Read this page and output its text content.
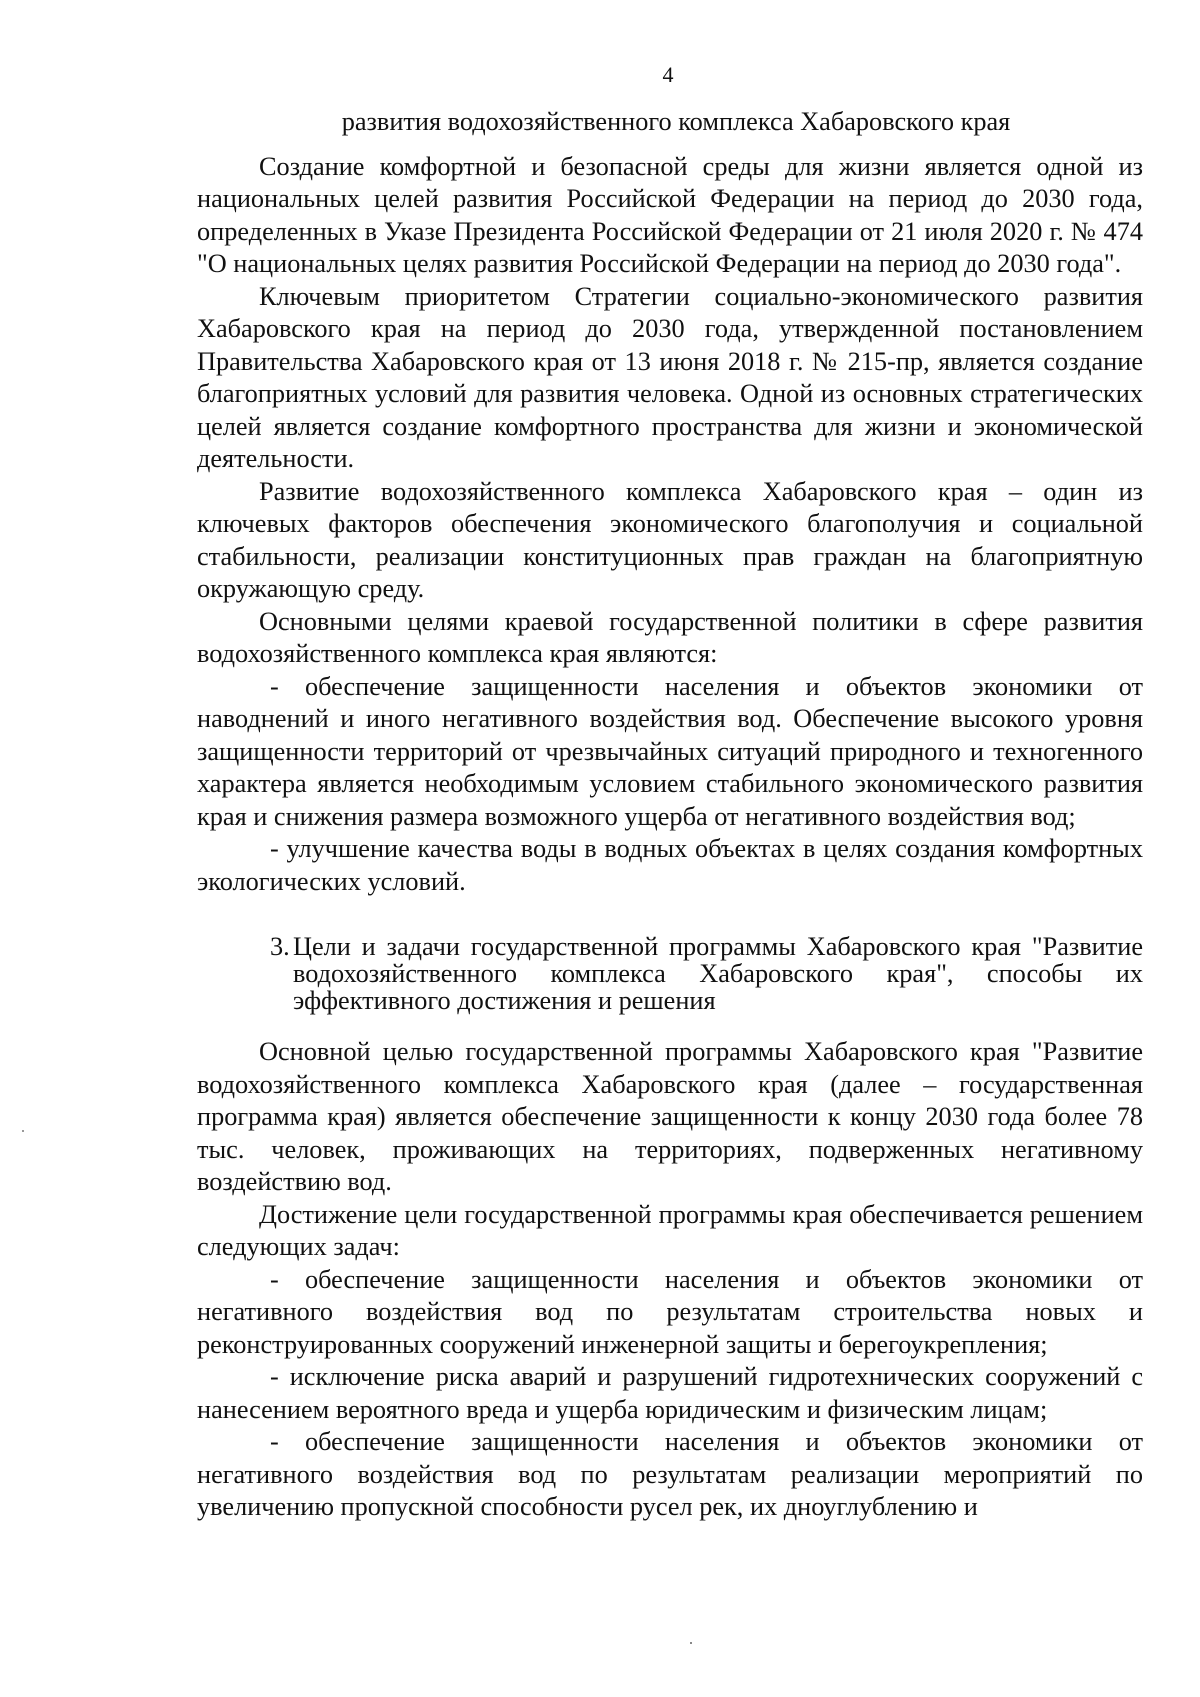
4
развития водохозяйственного комплекса Хабаровского края

Создание комфортной и безопасной среды для жизни является одной из национальных целей развития Российской Федерации на период до 2030 года, определенных в Указе Президента Российской Федерации от 21 июля 2020 г. № 474 "О национальных целях развития Российской Федерации на период до 2030 года".

Ключевым приоритетом Стратегии социально-экономического развития Хабаровского края на период до 2030 года, утвержденной постановлением Правительства Хабаровского края от 13 июня 2018 г. № 215-пр, является создание благоприятных условий для развития человека. Одной из основных стратегических целей является создание комфортного пространства для жизни и экономической деятельности.

Развитие водохозяйственного комплекса Хабаровского края – один из ключевых факторов обеспечения экономического благополучия и социальной стабильности, реализации конституционных прав граждан на благоприятную окружающую среду.

Основными целями краевой государственной политики в сфере развития водохозяйственного комплекса края являются:

- обеспечение защищенности населения и объектов экономики от наводнений и иного негативного воздействия вод. Обеспечение высокого уровня защищенности территорий от чрезвычайных ситуаций природного и техногенного характера является необходимым условием стабильного экономического развития края и снижения размера возможного ущерба от негативного воздействия вод;

- улучшение качества воды в водных объектах в целях создания комфортных экологических условий.

3. Цели и задачи государственной программы Хабаровского края "Развитие водохозяйственного комплекса Хабаровского края", способы их эффективного достижения и решения

Основной целью государственной программы Хабаровского края "Развитие водохозяйственного комплекса Хабаровского края (далее – государственная программа края) является обеспечение защищенности к концу 2030 года более 78 тыс. человек, проживающих на территориях, подверженных негативному воздействию вод.

Достижение цели государственной программы края обеспечивается решением следующих задач:

- обеспечение защищенности населения и объектов экономики от негативного воздействия вод по результатам строительства новых и реконструированных сооружений инженерной защиты и берегоукрепления;

- исключение риска аварий и разрушений гидротехнических сооружений с нанесением вероятного вреда и ущерба юридическим и физическим лицам;

- обеспечение защищенности населения и объектов экономики от негативного воздействия вод по результатам реализации мероприятий по увеличению пропускной способности русел рек, их дноуглублению и
